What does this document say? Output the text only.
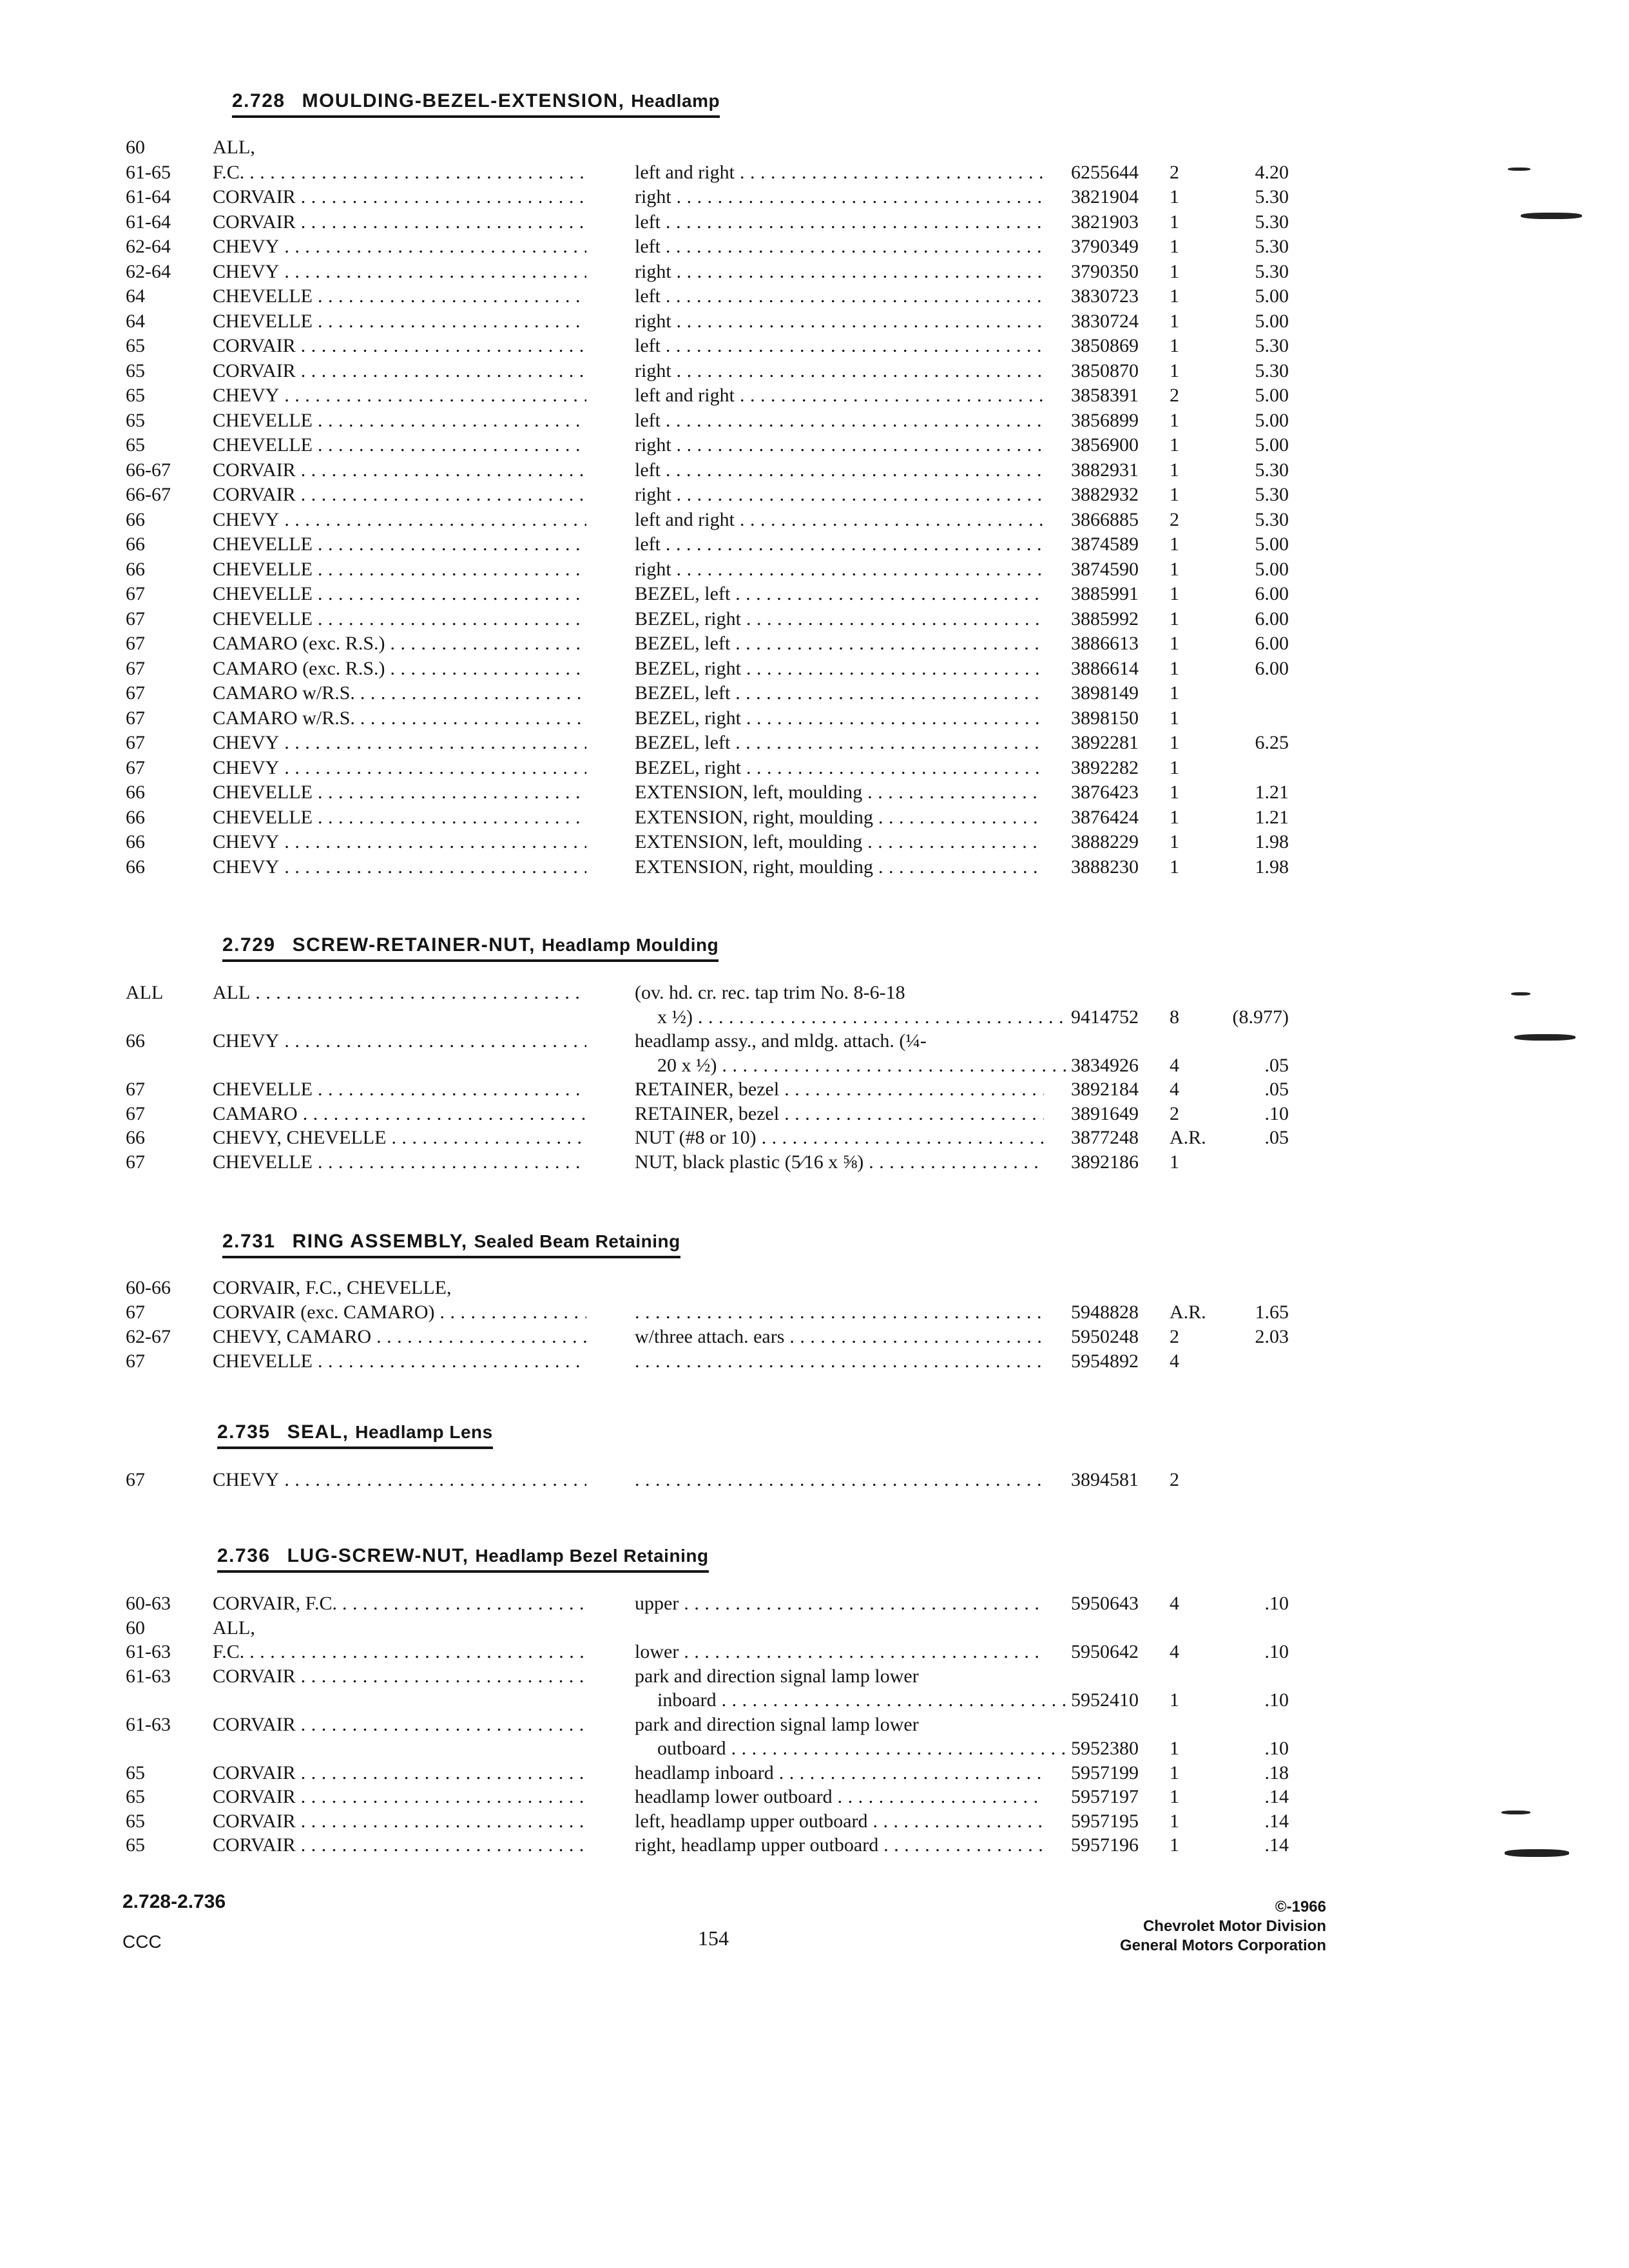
2.728 MOULDING-BEZEL-EXTENSION, Headlamp
60	ALL,
61-65 F.C. . . .	left and right . . .	6255644 2	4.20
61-64 CORVAIR . . .	right . . .	3821904 1	5.30
61-64 CORVAIR . . .	left . . .	3821903 1	5.30
62-64 CHEVY . . .	left . . .	3790349 1	5.30
62-64 CHEVY . . .	right . . .	3790350 1	5.30
64	CHEVELLE . . .	left . . .	3830723 1	5.00
64	CHEVELLE . . .	right . . .	3830724 1	5.00
65	CORVAIR . . .	left . . .	3850869 1	5.30
65	CORVAIR . . .	right . . .	3850870 1	5.30
65	CHEVY . . .	left and right . . .	3858391 2	5.00
65	CHEVELLE . . .	left . . .	3856899 1	5.00
65	CHEVELLE . . .	right . . .	3856900 1	5.00
66-67 CORVAIR . . .	left . . .	3882931 1	5.30
66-67 CORVAIR . . .	right . . .	3882932 1	5.30
66	CHEVY . . .	left and right . . .	3866885 2	5.30
66	CHEVELLE . . .	left . . .	3874589 1	5.00
66	CHEVELLE . . .	right . . .	3874590 1	5.00
67	CHEVELLE . . .	BEZEL, left . . .	3885991 1	6.00
67	CHEVELLE . . .	BEZEL, right . . .	3885992 1	6.00
67	CAMARO (exc. R.S.) . . .	BEZEL, left . . .	3886613 1	6.00
67	CAMARO (exc. R.S.) . . .	BEZEL, right . . .	3886614 1	6.00
67	CAMARO w/R.S. . . .	BEZEL, left . . .	3898149 1
67	CAMARO w/R.S. . . .	BEZEL, right . . .	3898150 1
67	CHEVY . . .	BEZEL, left . . .	3892281 1	6.25
67	CHEVY . . .	BEZEL, right . . .	3892282 1
66	CHEVELLE . . .	EXTENSION, left, moulding . . .	3876423 1	1.21
66	CHEVELLE . . .	EXTENSION, right, moulding . . .	3876424 1	1.21
66	CHEVY . . .	EXTENSION, left, moulding . . .	3888229 1	1.98
66	CHEVY . . .	EXTENSION, right, moulding . . .	3888230 1	1.98
2.729 SCREW-RETAINER-NUT, Headlamp Moulding
ALL	ALL . . .	(ov. hd. cr. rec. tap trim No. 8-6-18
x ½) . . .	9414752 8	(8.977)
66	CHEVY . . .	headlamp assy., and mldg. attach. (¼-
20 x ½) . . .	3834926 4	.05
67	CHEVELLE . . .	RETAINER, bezel . . .	3892184 4	.05
67	CAMARO . . .	RETAINER, bezel . . .	3891649 2	.10
66	CHEVY, CHEVELLE . . .	NUT (#8 or 10) . . .	3877248 A.R.	.05
67	CHEVELLE . . .	NUT, black plastic (5⁄16 x ⅝) . . .	3892186 1
2.731 RING ASSEMBLY, Sealed Beam Retaining
60-66 CORVAIR, F.C., CHEVELLE,
67	CORVAIR (exc. CAMARO) . . . . . .	5948828 A.R.	1.65
62-67 CHEVY, CAMARO . . .	w/three attach. ears . . .	5950248 2	2.03
67	CHEVELLE . . . . . .	5954892 4
2.735 SEAL, Headlamp Lens
67	CHEVY . . . . . .	3894581 2
2.736 LUG-SCREW-NUT, Headlamp Bezel Retaining
60-63 CORVAIR, F.C. . . .	upper . . .	5950643 4	.10
60	ALL,
61-63 F.C. . . .	lower . . .	5950642 4	.10
61-63 CORVAIR . . .	park and direction signal lamp lower
inboard . . .	5952410 1	.10
61-63 CORVAIR . . .	park and direction signal lamp lower
outboard . . .	5952380 1	.10
65	CORVAIR . . .	headlamp inboard . . .	5957199 1	.18
65	CORVAIR . . .	headlamp lower outboard . . .	5957197 1	.14
65	CORVAIR . . .	left, headlamp upper outboard . . .	5957195 1	.14
65	CORVAIR . . .	right, headlamp upper outboard . . .	5957196 1	.14
2.728-2.736
CCC	154
©-1966
Chevrolet Motor Division
General Motors Corporation
